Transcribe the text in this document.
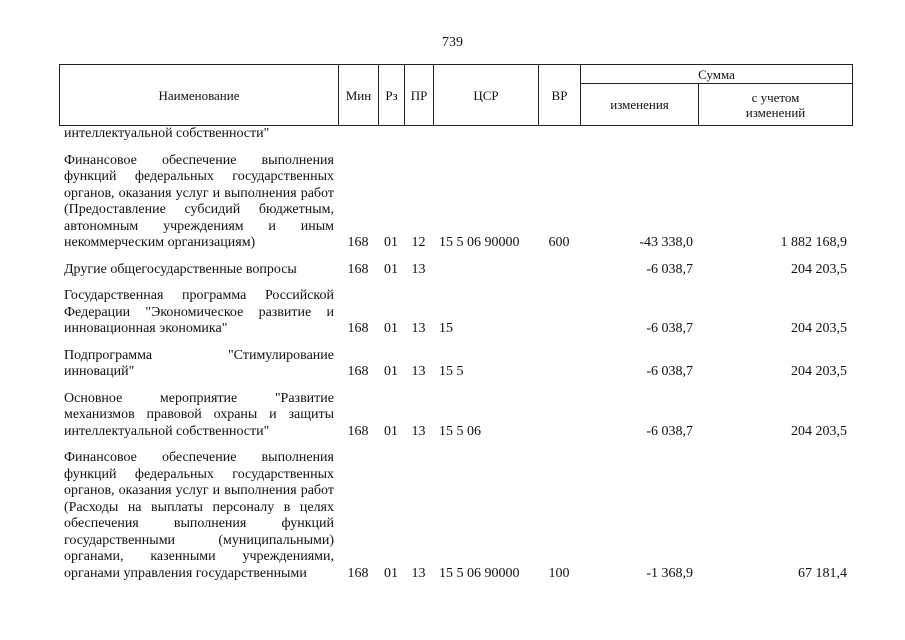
739
Наименование	Мин	Рз	ПР	ЦСР	ВР	Сумма	
						изменения	с учетом
изменений
интеллектуальной собственности"							

Финансовое обеспечение выполнения функций федеральных государственных органов, оказания услуг и выполнения работ (Предоставление субсидий бюджетным, автономным учреждениям и иным некоммерческим организациям)	168	01	12	15 5 06 90000	600	-43 338,0	1 882 168,9

Другие общегосударственные вопросы	168	01	13			-6 038,7	204 203,5

Государственная программа Российской Федерации "Экономическое развитие и инновационная экономика"	168	01	13	15		-6 038,7	204 203,5

Подпрограмма "Стимулирование инноваций"	168	01	13	15 5		-6 038,7	204 203,5

Основное мероприятие "Развитие механизмов правовой охраны и защиты интеллектуальной собственности"	168	01	13	15 5 06		-6 038,7	204 203,5

Финансовое обеспечение выполнения функций федеральных государственных органов, оказания услуг и выполнения работ (Расходы на выплаты персоналу в целях обеспечения выполнения функций государственными (муниципальными) органами, казенными учреждениями, органами управления государственными	168	01	13	15 5 06 90000	100	-1 368,9	67 181,4
